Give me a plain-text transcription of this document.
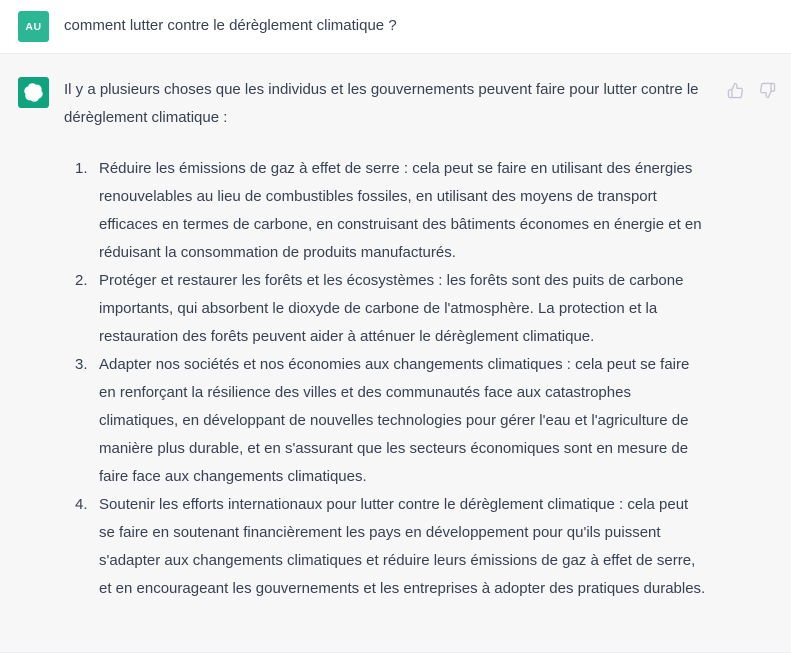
AU comment lutter contre le dérèglement climatique ?

Il y a plusieurs choses que les individus et les gouvernements peuvent faire pour lutter contre le dérèglement climatique :

Réduire les émissions de gaz à effet de serre : cela peut se faire en utilisant des énergies renouvelables au lieu de combustibles fossiles, en utilisant des moyens de transport efficaces en termes de carbone, en construisant des bâtiments économes en énergie et en réduisant la consommation de produits manufacturés.
Protéger et restaurer les forêts et les écosystèmes : les forêts sont des puits de carbone importants, qui absorbent le dioxyde de carbone de l'atmosphère. La protection et la restauration des forêts peuvent aider à atténuer le dérèglement climatique.
Adapter nos sociétés et nos économies aux changements climatiques : cela peut se faire en renforçant la résilience des villes et des communautés face aux catastrophes climatiques, en développant de nouvelles technologies pour gérer l'eau et l'agriculture de manière plus durable, et en s'assurant que les secteurs économiques sont en mesure de faire face aux changements climatiques.
Soutenir les efforts internationaux pour lutter contre le dérèglement climatique : cela peut se faire en soutenant financièrement les pays en développement pour qu'ils puissent s'adapter aux changements climatiques et réduire leurs émissions de gaz à effet de serre, et en encourageant les gouvernements et les entreprises à adopter des pratiques durables.
